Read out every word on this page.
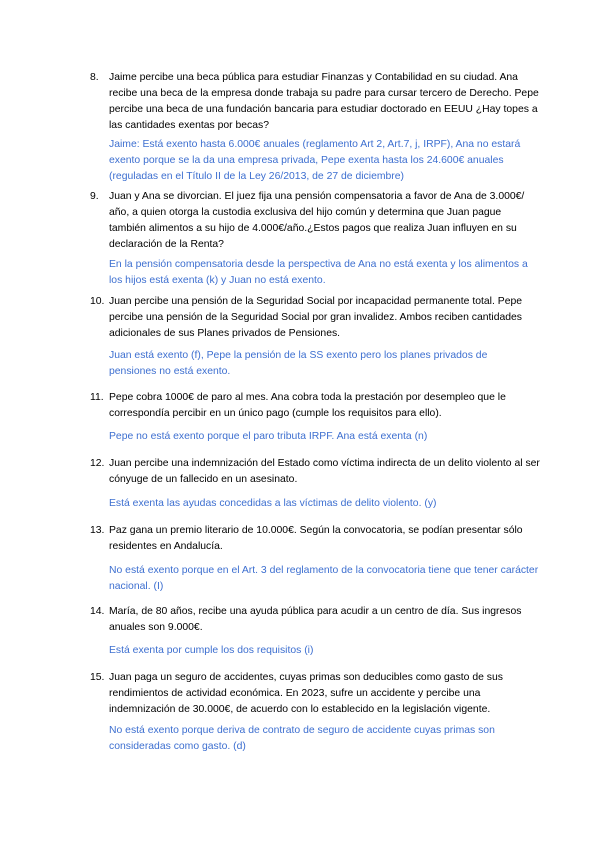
8. Jaime percibe una beca pública para estudiar Finanzas y Contabilidad en su ciudad. Ana
recibe una beca de la empresa donde trabaja su padre para cursar tercero de Derecho. Pepe
percibe una beca de una fundación bancaria para estudiar doctorado en EEUU ¿Hay topes a
las cantidades exentas por becas?
Jaime: Está exento hasta 6.000€ anuales (reglamento Art 2, Art.7, j, IRPF), Ana no estará
exento porque se la da una empresa privada, Pepe exenta hasta los 24.600€ anuales
(reguladas en el Título II de la Ley 26/2013, de 27 de diciembre)
9. Juan y Ana se divorcian. El juez fija una pensión compensatoria a favor de Ana de 3.000€/
año, a quien otorga la custodia exclusiva del hijo común y determina que Juan pague
también alimentos a su hijo de 4.000€/año.¿Estos pagos que realiza Juan influyen en su
declaración de la Renta?
En la pensión compensatoria desde la perspectiva de Ana no está exenta y los alimentos a
los hijos está exenta (k) y Juan no está exento.
10. Juan percibe una pensión de la Seguridad Social por incapacidad permanente total. Pepe
percibe una pensión de la Seguridad Social por gran invalidez. Ambos reciben cantidades
adicionales de sus Planes privados de Pensiones.
Juan está exento (f), Pepe la pensión de la SS exento pero los planes privados de
pensiones no está exento.
11. Pepe cobra 1000€ de paro al mes. Ana cobra toda la prestación por desempleo que le
correspondía percibir en un único pago (cumple los requisitos para ello).
Pepe no está exento porque el paro tributa IRPF. Ana está exenta (n)
12. Juan percibe una indemnización del Estado como víctima indirecta de un delito violento al ser
cónyuge de un fallecido en un asesinato.
Está exenta las ayudas concedidas a las víctimas de delito violento. (y)
13. Paz gana un premio literario de 10.000€. Según la convocatoria, se podían presentar sólo
residentes en Andalucía.
No está exento porque en el Art. 3 del reglamento de la convocatoria tiene que tener carácter
nacional. (I)
14. María, de 80 años, recibe una ayuda pública para acudir a un centro de día. Sus ingresos
anuales son 9.000€.
Está exenta por cumple los dos requisitos (i)
15. Juan paga un seguro de accidentes, cuyas primas son deducibles como gasto de sus
rendimientos de actividad económica. En 2023, sufre un accidente y percibe una
indemnización de 30.000€, de acuerdo con lo establecido en la legislación vigente.
No está exento porque deriva de contrato de seguro de accidente cuyas primas son
consideradas como gasto. (d)
